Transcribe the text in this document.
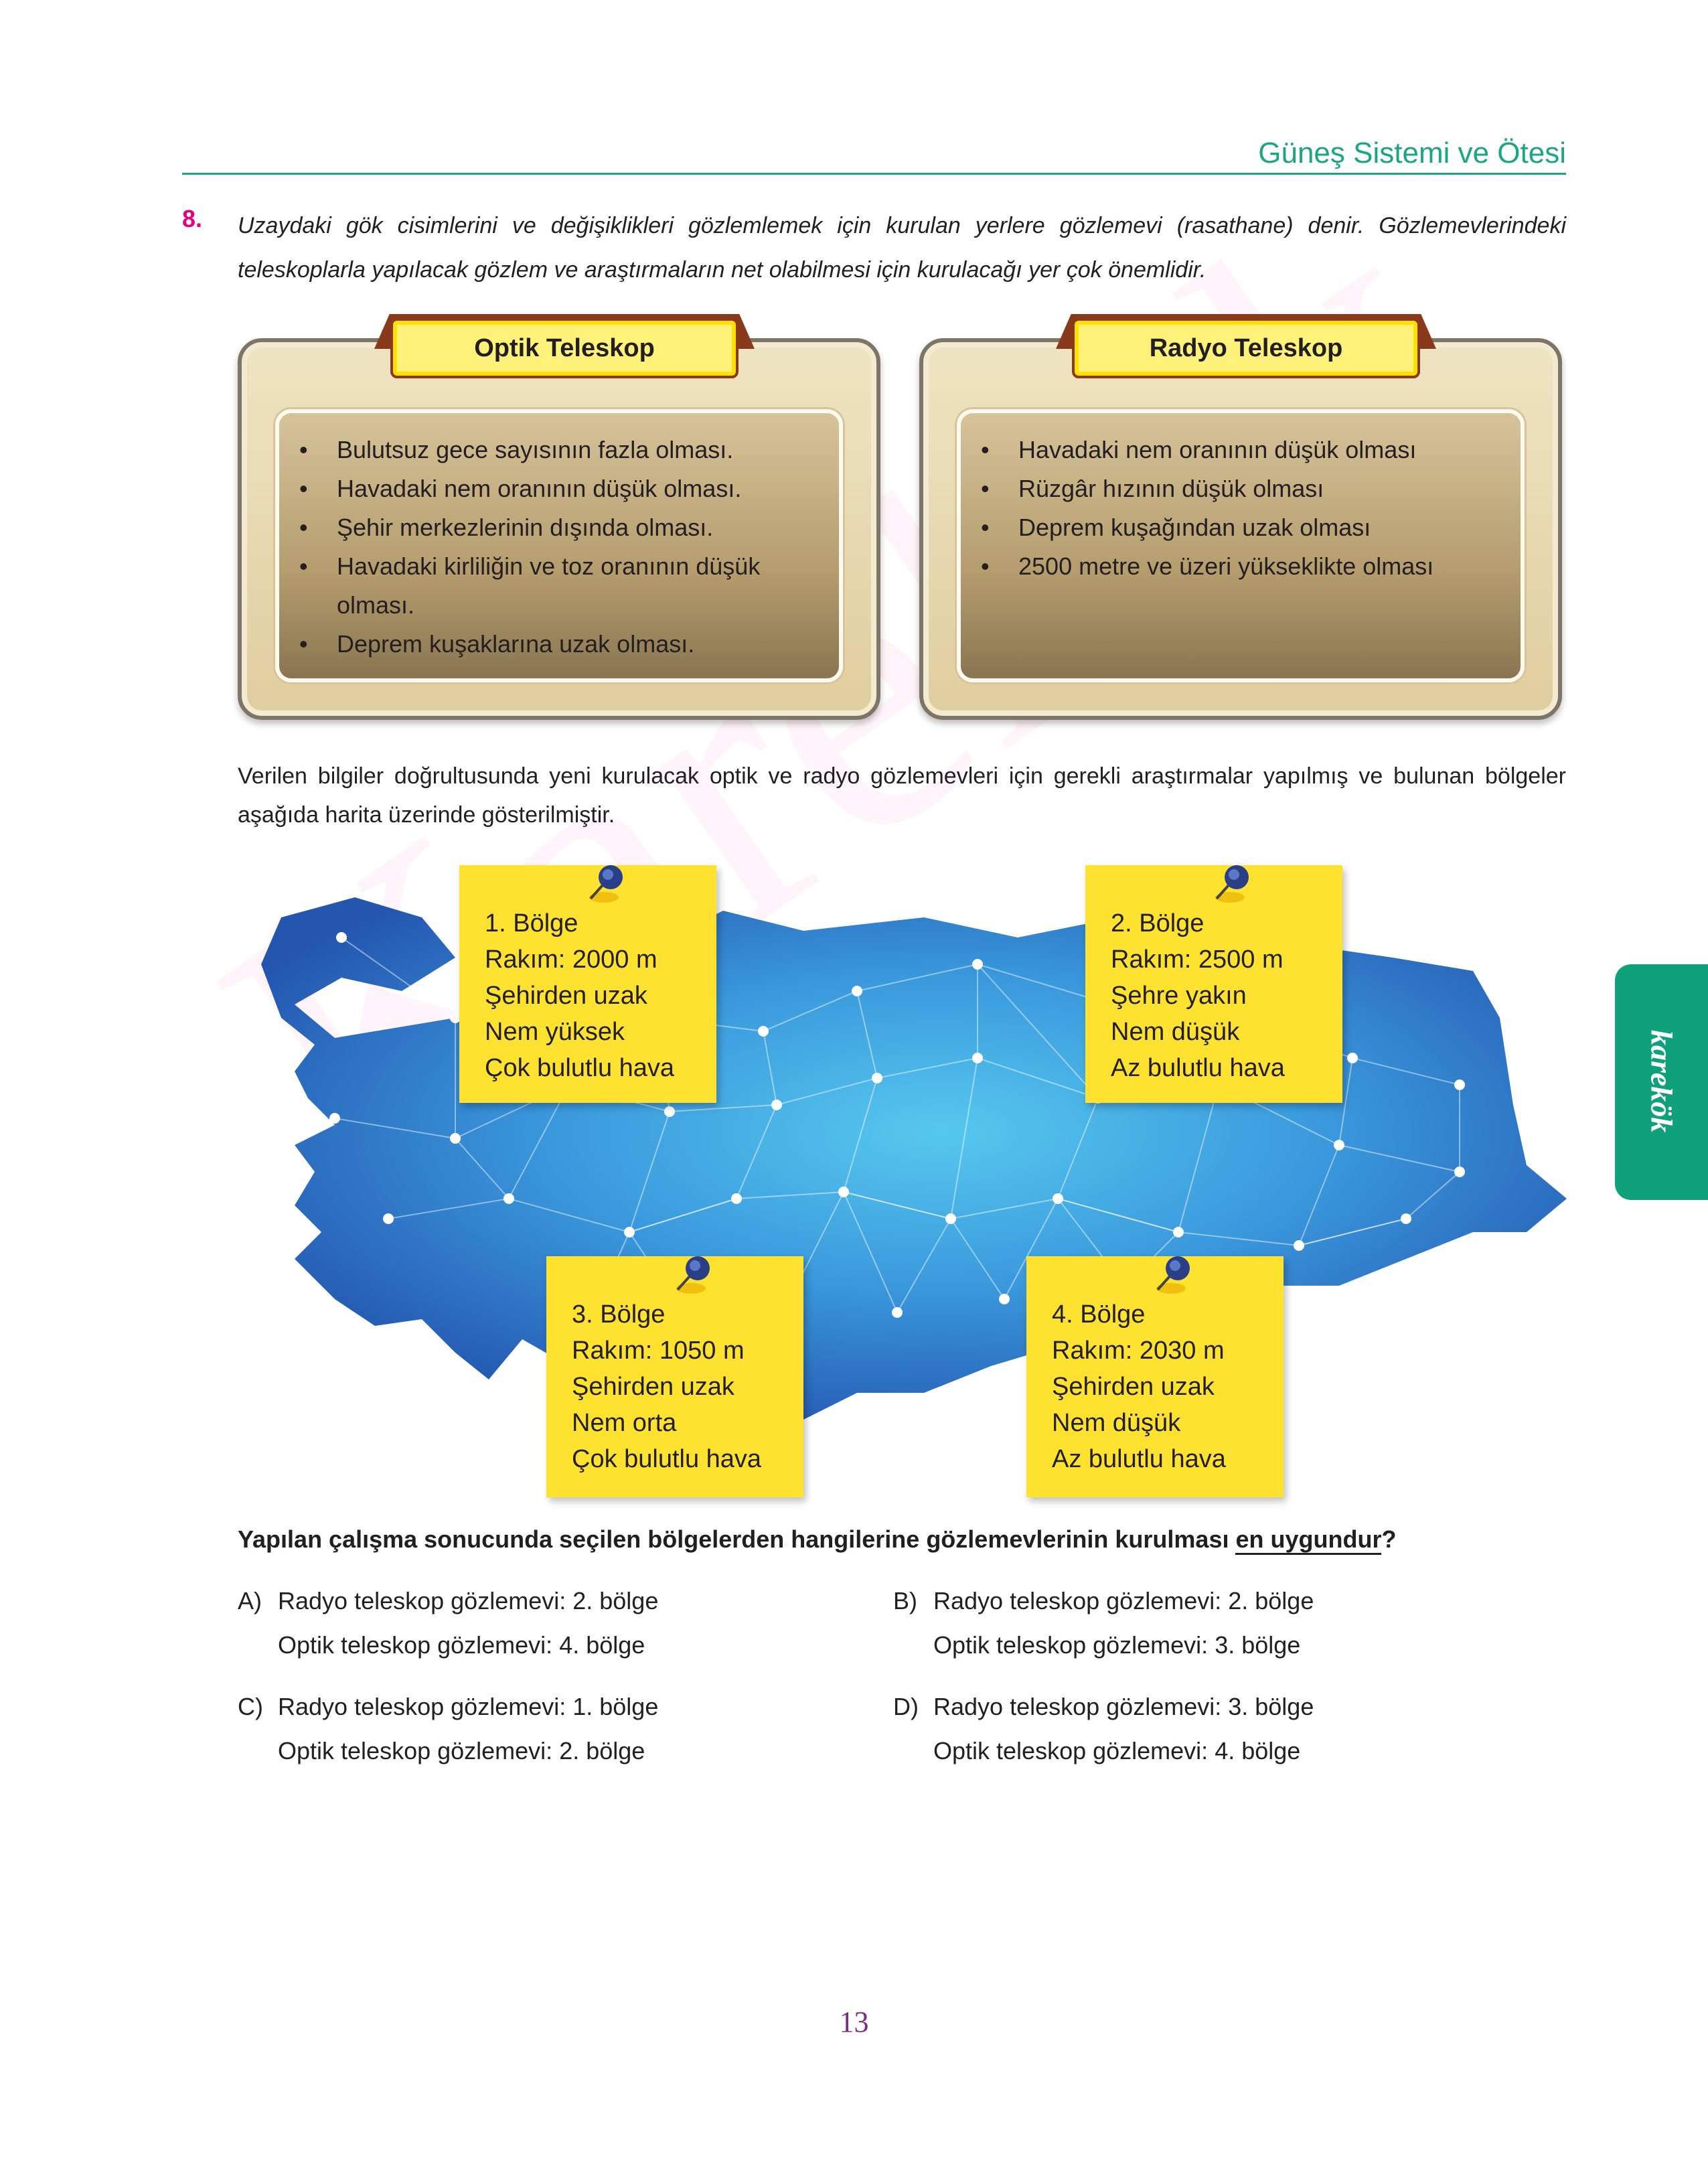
Güneş Sistemi ve Ötesi
8. Uzaydaki gök cisimlerini ve değişiklikleri gözlemlemek için kurulan yerlere gözlemevi (rasathane) denir. Gözlemevlerindeki teleskoplarla yapılacak gözlem ve araştırmaların net olabilmesi için kurulacağı yer çok önemlidir.
Optik Teleskop
• Bulutsuz gece sayısının fazla olması.
• Havadaki nem oranının düşük olması.
• Şehir merkezlerinin dışında olması.
• Havadaki kirliliğin ve toz oranının düşük olması.
• Deprem kuşaklarına uzak olması.
Radyo Teleskop
• Havadaki nem oranının düşük olması
• Rüzgâr hızının düşük olması
• Deprem kuşağından uzak olması
• 2500 metre ve üzeri yükseklikte olması
Verilen bilgiler doğrultusunda yeni kurulacak optik ve radyo gözlemevleri için gerekli araştırmalar yapılmış ve bulunan bölgeler aşağıda harita üzerinde gösterilmiştir.
1. Bölge
Rakım: 2000 m
Şehirden uzak
Nem yüksek
Çok bulutlu hava
2. Bölge
Rakım: 2500 m
Şehre yakın
Nem düşük
Az bulutlu hava
3. Bölge
Rakım: 1050 m
Şehirden uzak
Nem orta
Çok bulutlu hava
4. Bölge
Rakım: 2030 m
Şehirden uzak
Nem düşük
Az bulutlu hava
Yapılan çalışma sonucunda seçilen bölgelerden hangilerine gözlemevlerinin kurulması en uygundur?
A) Radyo teleskop gözlemevi: 2. bölge
Optik teleskop gözlemevi: 4. bölge
B) Radyo teleskop gözlemevi: 2. bölge
Optik teleskop gözlemevi: 3. bölge
C) Radyo teleskop gözlemevi: 1. bölge
Optik teleskop gözlemevi: 2. bölge
D) Radyo teleskop gözlemevi: 3. bölge
Optik teleskop gözlemevi: 4. bölge
karekök
13
